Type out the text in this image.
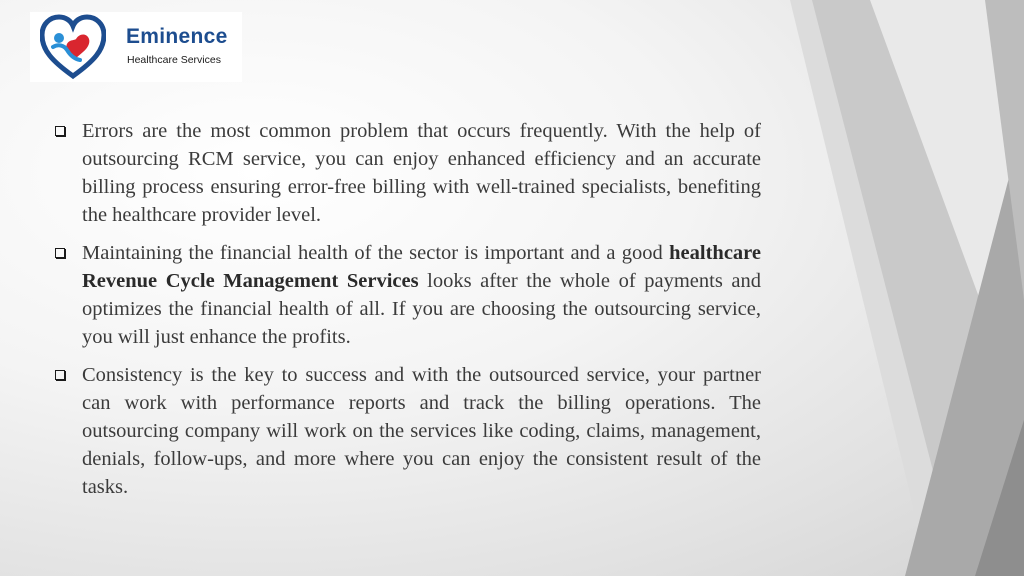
Eminence
Healthcare Services

Errors are the most common problem that occurs frequently. With the help of outsourcing RCM service, you can enjoy enhanced efficiency and an accurate billing process ensuring error-free billing with well-trained specialists, benefiting the healthcare provider level.

Maintaining the financial health of the sector is important and a good healthcare Revenue Cycle Management Services looks after the whole of payments and optimizes the financial health of all. If you are choosing the outsourcing service, you will just enhance the profits.

Consistency is the key to success and with the outsourced service, your partner can work with performance reports and track the billing operations. The outsourcing company will work on the services like coding, claims, management, denials, follow-ups, and more where you can enjoy the consistent result of the tasks.
